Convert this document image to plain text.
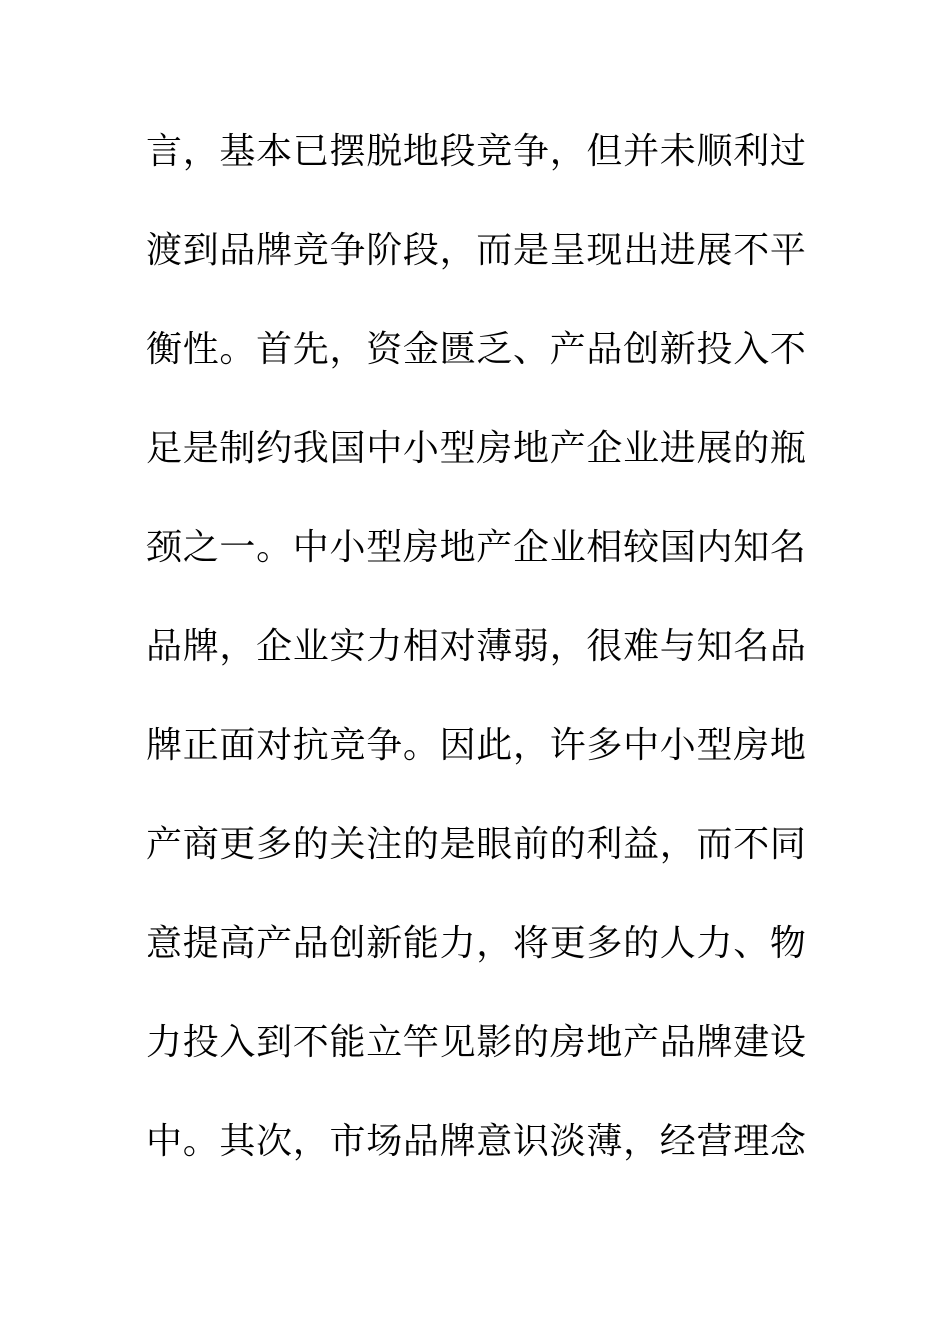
言，基本已摆脱地段竞争，但并未顺利过
渡到品牌竞争阶段，而是呈现出进展不平
衡性。首先，资金匮乏、产品创新投入不
足是制约我国中小型房地产企业进展的瓶
颈之一。中小型房地产企业相较国内知名
品牌，企业实力相对薄弱，很难与知名品
牌正面对抗竞争。因此，许多中小型房地
产商更多的关注的是眼前的利益，而不同
意提高产品创新能力，将更多的人力、物
力投入到不能立竿见影的房地产品牌建设
中。其次，市场品牌意识淡薄，经营理念
